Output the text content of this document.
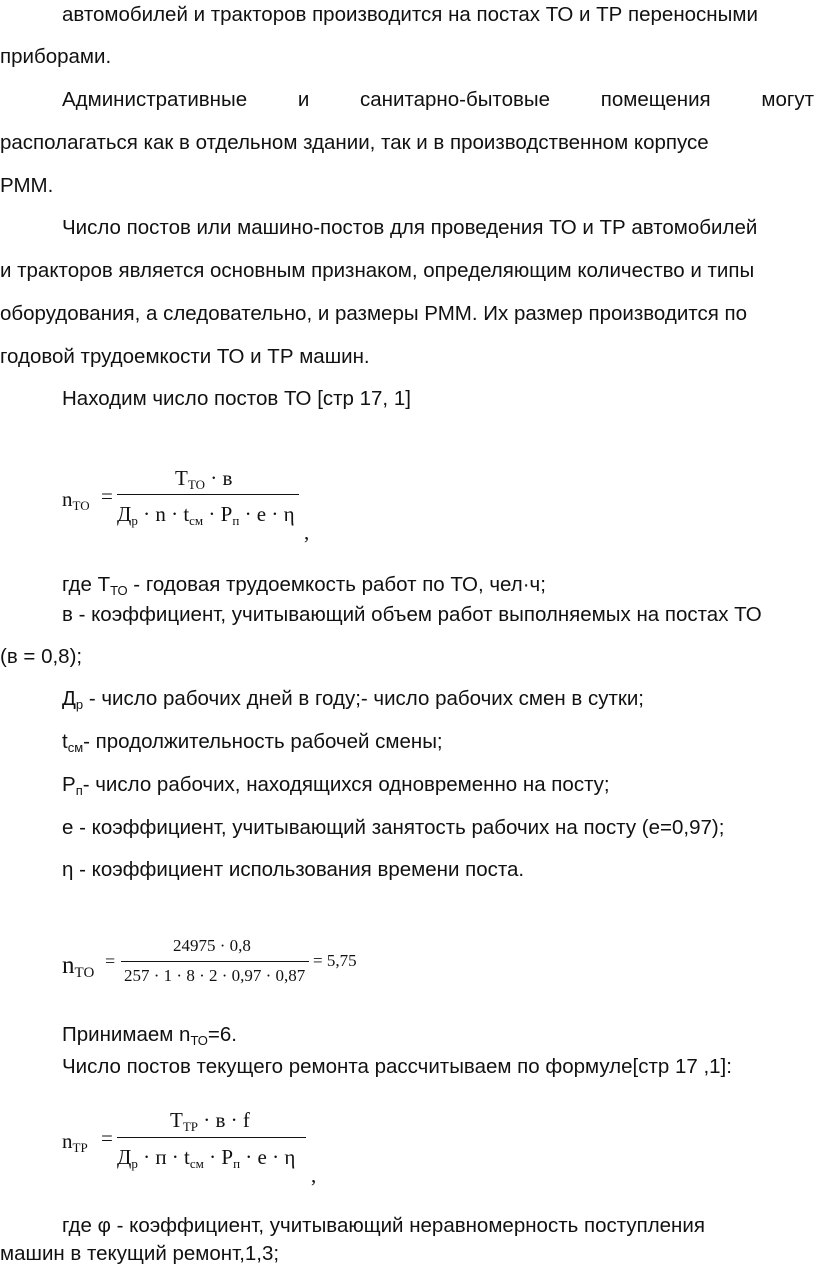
автомобилей и тракторов производится на постах ТО и ТР переносными
приборами.
Административные и санитарно-бытовые помещения могут
располагаться как в отдельном здании, так и в производственном корпусе
РММ.
Число постов или машино-постов для проведения ТО и ТР автомобилей
и тракторов является основным признаком, определяющим количество и типы
оборудования, а следовательно, и размеры РММ. Их размер производится по
годовой трудоемкости ТО и ТР машин.
Находим число постов ТО [стр 17, 1]
$n_{ТО}$ =
$Т_{ТО} \cdot в$
$Д_р \cdot n \cdot t_{см} \cdot Р_п \cdot е \cdot \eta$
,
где $Т_{ТО}$ - годовая трудоемкость работ по ТО, чел·ч;
в - коэффициент, учитывающий объем работ выполняемых на постах ТО
(в = 0,8);
$Д_р$ - число рабочих дней в году;- число рабочих смен в сутки;
$t_{см}-$ продолжительность рабочей смены;
$Р_п-$ число рабочих, находящихся одновременно на посту;
е - коэффициент, учитывающий занятость рабочих на посту (е=0,97);
η - коэффициент использования времени поста.
$n_{ТО}$
=
24975 · 0,8
257 · 1 · 8 · 2 · 0,97 · 0,87
= 5,75
Принимаем $n_{ТО}=6$.
Число постов текущего ремонта рассчитываем по формуле[стр 17 ,1]:
$n_{ТР}$ =
$Т_{ТР} \cdot в \cdot f$
$Д_р \cdot п \cdot t_{см} \cdot Р_п \cdot е \cdot \eta$
,
где φ - коэффициент, учитывающий неравномерность поступления
машин в текущий ремонт,1,3;
